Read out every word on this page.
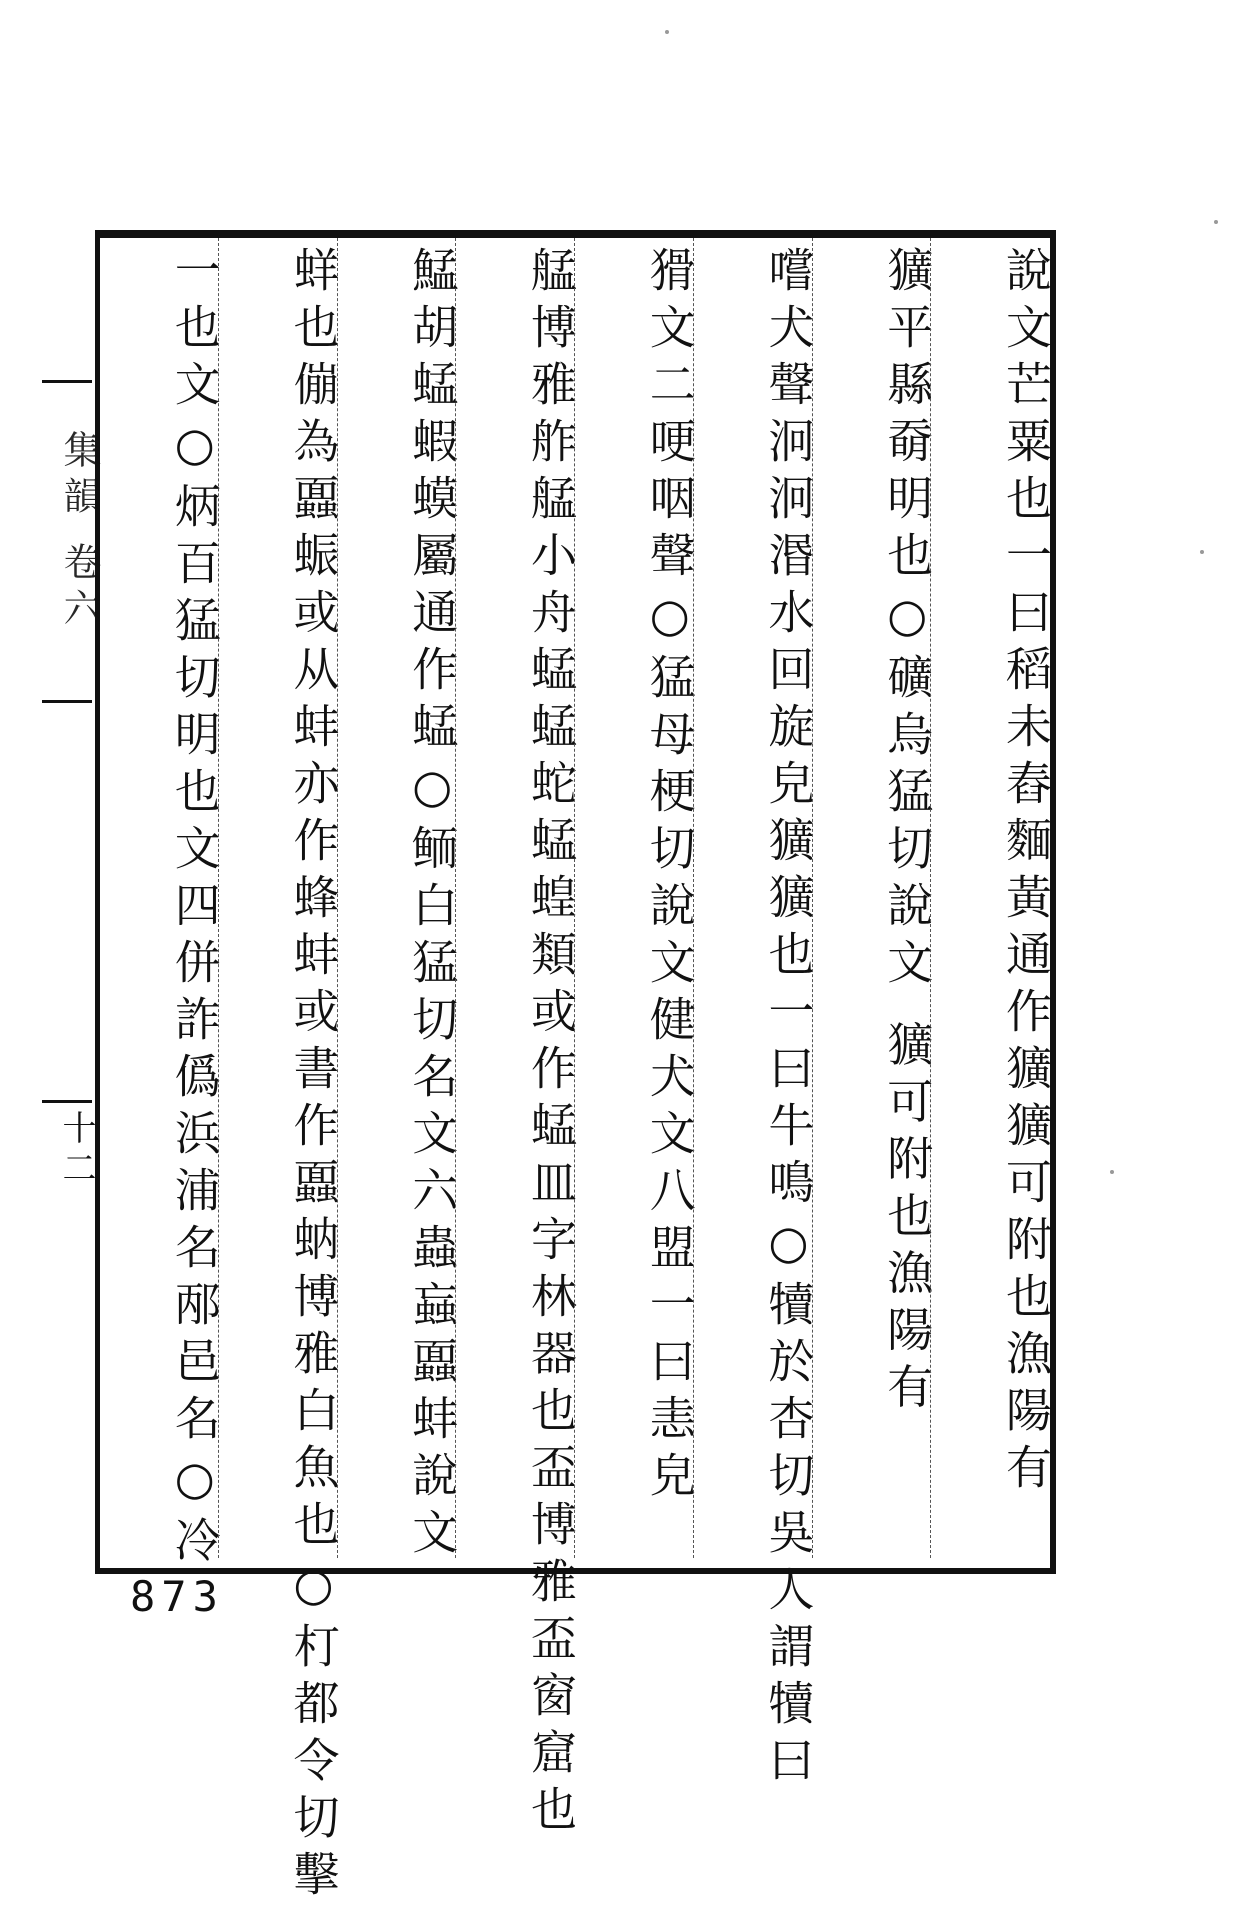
集韻 卷六
十二	說文芒粟也一曰稻未舂麵黃通作獷獷可附也漁陽有
獷平縣奣明也○礦烏猛切說文 獷可附也漁陽有
嚐犬聲泂泂湣水回旋皃獷獷也一曰牛鳴○犢於杏切吳人謂犢曰
猾文二哽咽聲○猛母梗切說文健犬文八盟一曰恚皃
艋博雅舴艋小舟蜢蜢蛇蜢蝗類或作蜢皿字林器也盃博雅盃窗窟也
鯭胡蜢蝦蟆屬通作蜢○鲕白猛切名文六蟲蝱蠠蚌說文
蛘也傰為蠠蜄或从蚌亦作蜂蚌或書作蠠蚋博雅白魚也○朾都令切擊
一也文○炳百猛切明也文四併詐僞浜浦名邴邑名○冷
873
